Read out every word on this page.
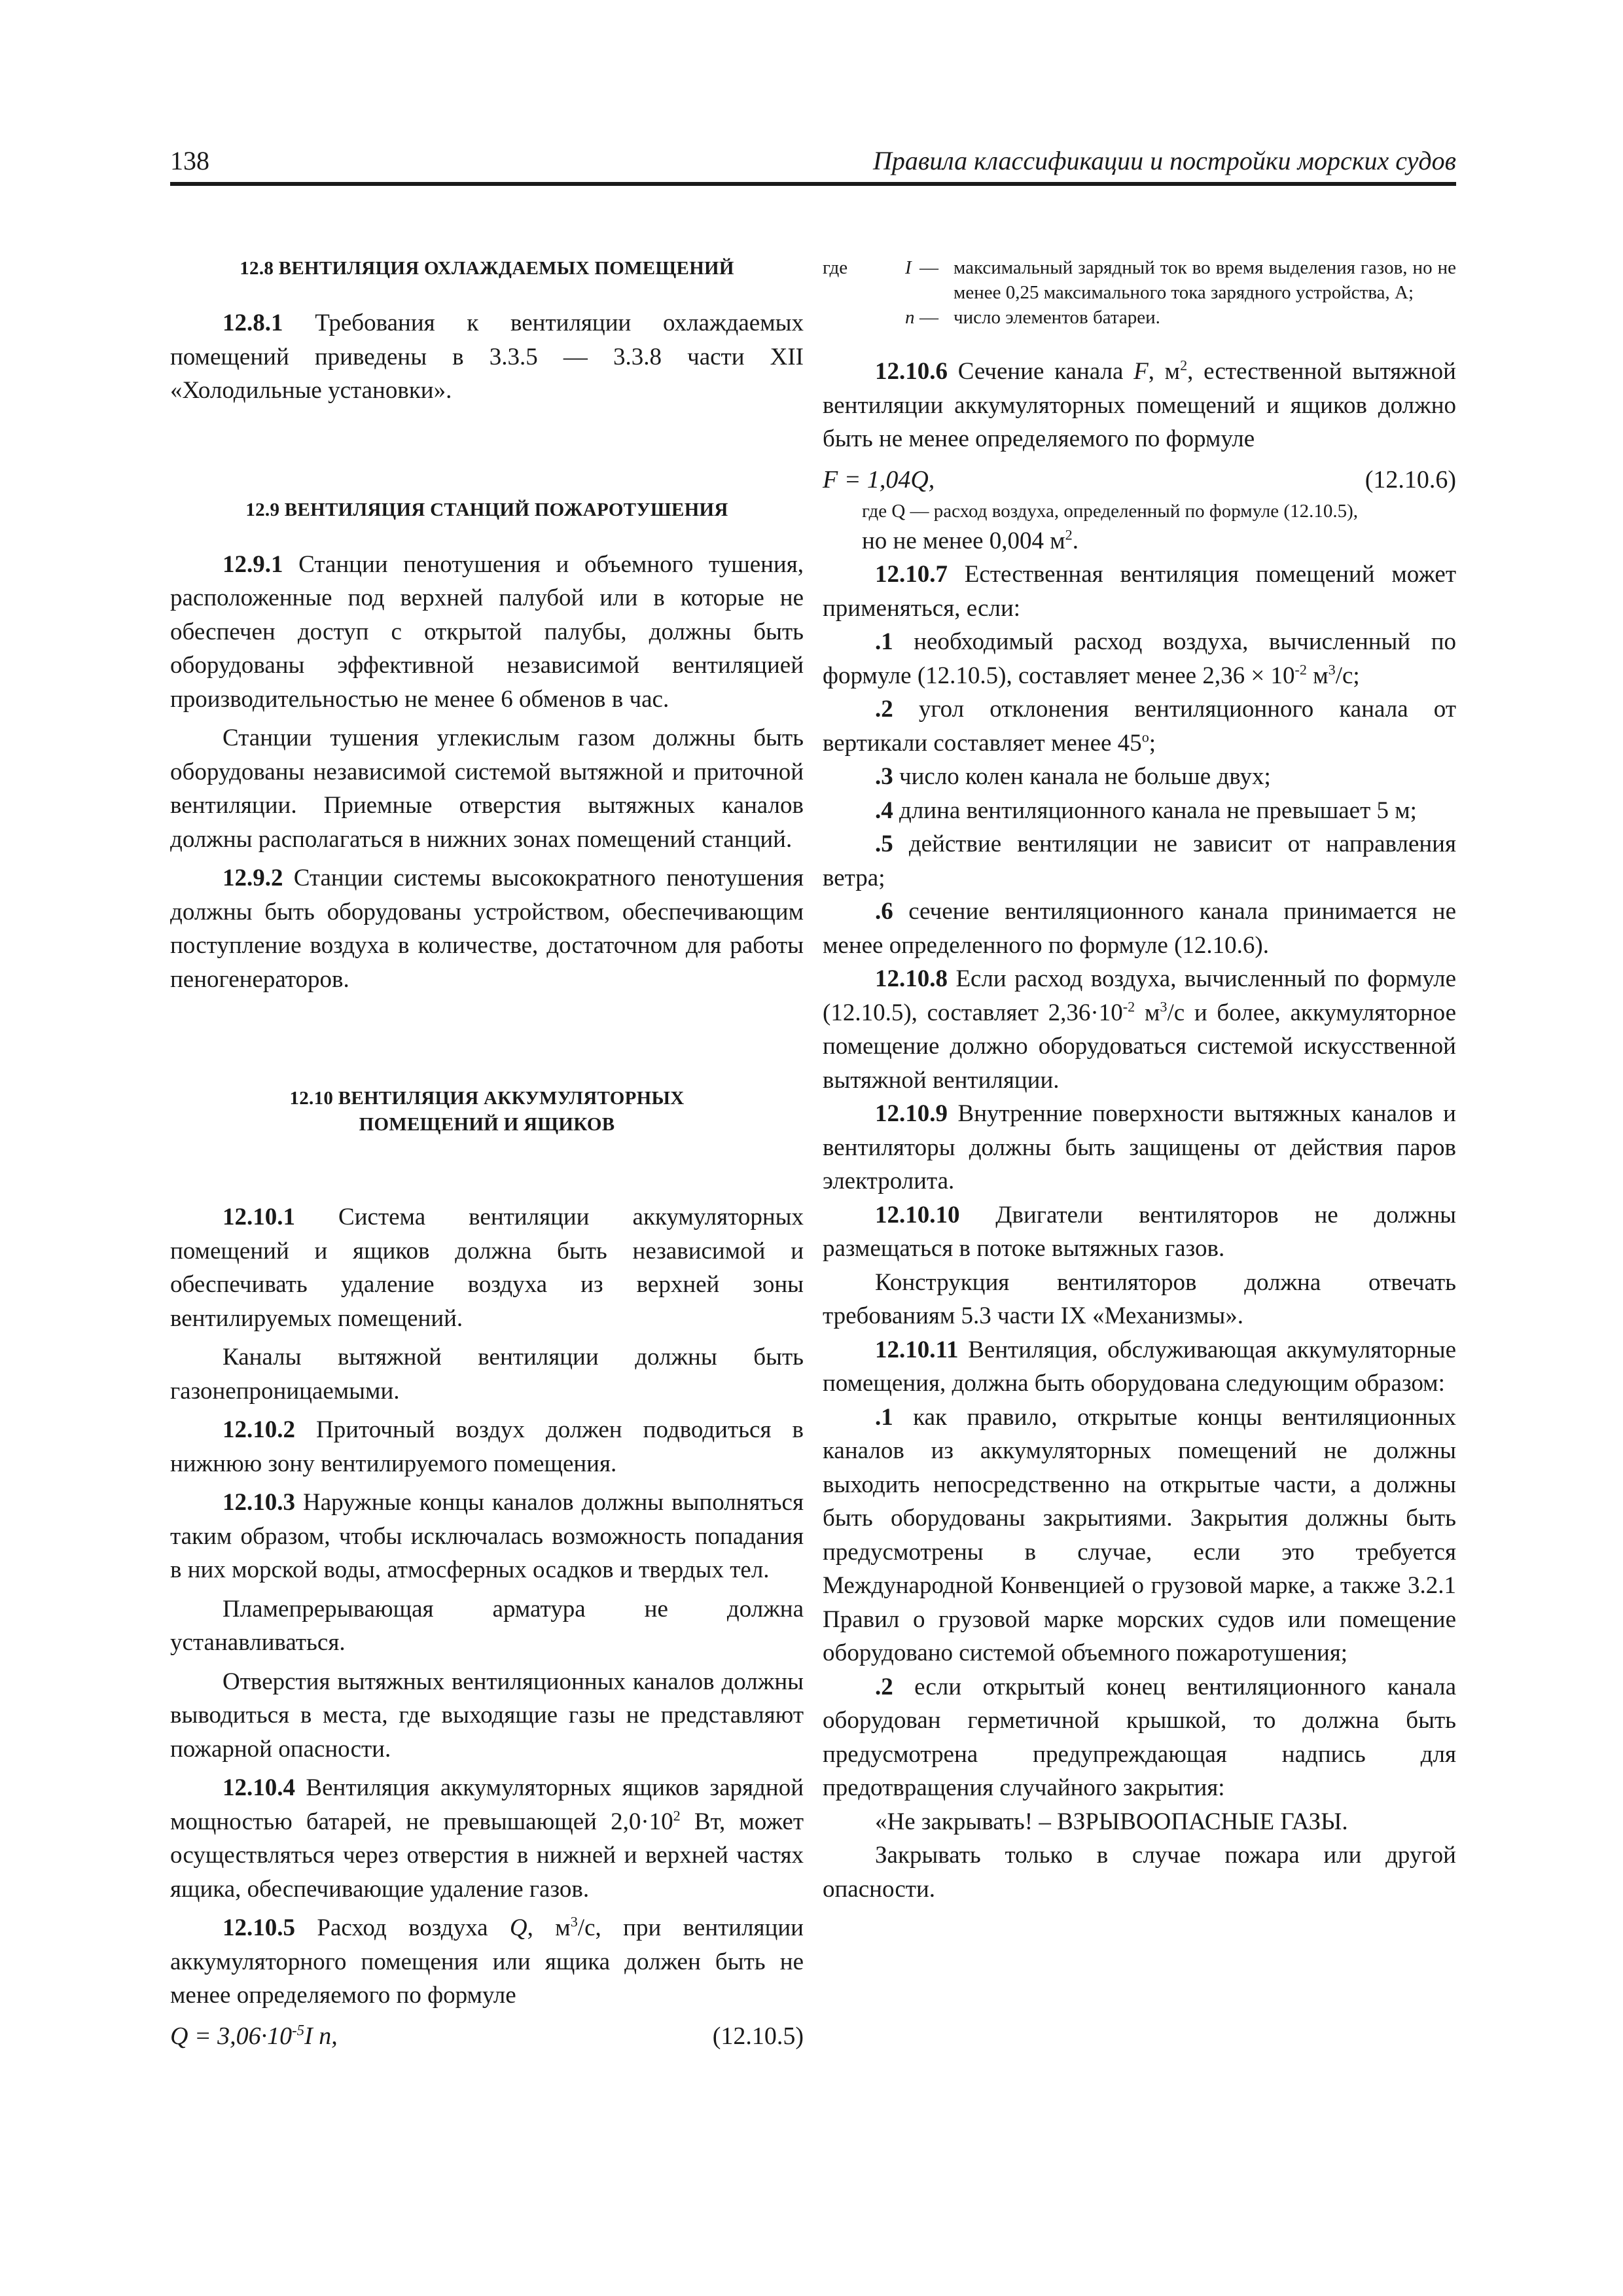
138	Правила классификации и постройки морских судов
12.8 ВЕНТИЛЯЦИЯ ОХЛАЖДАЕМЫХ ПОМЕЩЕНИЙ

12.8.1 Требования к вентиляции охлаждаемых помещений приведены в 3.3.5 — 3.3.8 части XII «Холодильные установки».

12.9 ВЕНТИЛЯЦИЯ СТАНЦИЙ ПОЖАРОТУШЕНИЯ

12.9.1 Станции пенотушения и объемного тушения, расположенные под верхней палубой или в которые не обеспечен доступ с открытой палубы, должны быть оборудованы эффективной независимой вентиляцией производительностью не менее 6 обменов в час.

Станции тушения углекислым газом должны быть оборудованы независимой системой вытяжной и приточной вентиляции. Приемные отверстия вытяжных каналов должны располагаться в нижних зонах помещений станций.

12.9.2 Станции системы высокократного пенотушения должны быть оборудованы устройством, обеспечивающим поступление воздуха в количестве, достаточном для работы пеногенераторов.

12.10 ВЕНТИЛЯЦИЯ АККУМУЛЯТОРНЫХ
ПОМЕЩЕНИЙ И ЯЩИКОВ

12.10.1 Система вентиляции аккумуляторных помещений и ящиков должна быть независимой и обеспечивать удаление воздуха из верхней зоны вентилируемых помещений.

Каналы вытяжной вентиляции должны быть газонепроницаемыми.

12.10.2 Приточный воздух должен подводиться в нижнюю зону вентилируемого помещения.

12.10.3 Наружные концы каналов должны выполняться таким образом, чтобы исключалась возможность попадания в них морской воды, атмосферных осадков и твердых тел.

Пламепрерывающая арматура не должна устанавливаться.

Отверстия вытяжных вентиляционных каналов должны выводиться в места, где выходящие газы не представляют пожарной опасности.

12.10.4 Вентиляция аккумуляторных ящиков зарядной мощностью батарей, не превышающей $2,0\cdot 10^2$ Вт, может осуществляться через отверстия в нижней и верхней частях ящика, обеспечивающие удаление газов.

12.10.5 Расход воздуха Q, $м^3/с$, при вентиляции аккумуляторного помещения или ящика должен быть не менее определяемого по формуле

$Q = 3,06\cdot 10^{-5}I$ n,	(12.10.5)
где	I — максимальный зарядный ток во время выделения газов, но не менее 0,25 максимального тока зарядного устройства, А;
n — число элементов батареи.

12.10.6 Сечение канала F, $м^2$, естественной вытяжной вентиляции аккумуляторных помещений и ящиков должно быть не менее определяемого по формуле

F = 1,04Q,	(12.10.6)
где Q — расход воздуха, определенный по формуле (12.10.5),

но не менее 0,004 $м^2$.

12.10.7 Естественная вентиляция помещений может применяться, если:

.1 необходимый расход воздуха, вычисленный по формуле (12.10.5), составляет менее $2,36 \times 10^{-2}$ $м^3/с$;

.2 угол отклонения вентиляционного канала от вертикали составляет менее 45$^o$;

.3 число колен канала не больше двух;

.4 длина вентиляционного канала не превышает 5 м;

.5 действие вентиляции не зависит от направления ветра;

.6 сечение вентиляционного канала принимается не менее определенного по формуле (12.10.6).

12.10.8 Если расход воздуха, вычисленный по формуле (12.10.5), составляет $2,36\cdot 10^{-2}$ $м^3/с$ и более, аккумуляторное помещение должно оборудоваться системой искусственной вытяжной вентиляции.

12.10.9 Внутренние поверхности вытяжных каналов и вентиляторы должны быть защищены от действия паров электролита.

12.10.10 Двигатели вентиляторов не должны размещаться в потоке вытяжных газов.

Конструкция вентиляторов должна отвечать требованиям 5.3 части IX «Механизмы».

12.10.11 Вентиляция, обслуживающая аккумуляторные помещения, должна быть оборудована следующим образом:

.1 как правило, открытые концы вентиляционных каналов из аккумуляторных помещений не должны выходить непосредственно на открытые части, а должны быть оборудованы закрытиями. Закрытия должны быть предусмотрены в случае, если это требуется Международной Конвенцией о грузовой марке, а также 3.2.1 Правил о грузовой марке морских судов или помещение оборудовано системой объемного пожаротушения;

.2 если открытый конец вентиляционного канала оборудован герметичной крышкой, то должна быть предусмотрена предупреждающая надпись для предотвращения случайного закрытия:

«Не закрывать! – ВЗРЫВООПАСНЫЕ ГАЗЫ.

Закрывать только в случае пожара или другой опасности.
